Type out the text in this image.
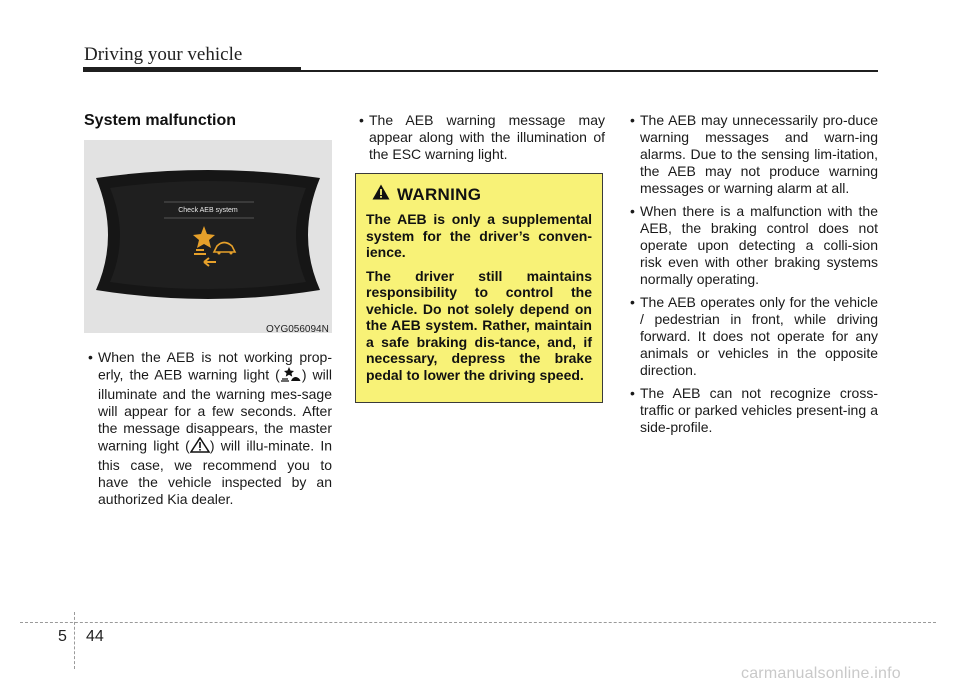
Driving your vehicle
System malfunction
Check AEB system
OYG056094N
• When the AEB is not working prop-erly, the AEB warning light ( ) will illuminate and the warning mes-sage will appear for a few seconds. After the message disappears, the master warning light ( ) will illu-minate. In this case, we recommend you to have the vehicle inspected by an authorized Kia dealer.
• The AEB warning message may appear along with the illumination of the ESC warning light.
WARNING

The AEB is only a supplemental system for the driver’s conven-ience.

The driver still maintains responsibility to control the vehicle. Do not solely depend on the AEB system. Rather, maintain a safe braking dis-tance, and, if necessary, depress the brake pedal to lower the driving speed.

• The AEB may unnecessarily pro-duce warning messages and warn-ing alarms. Due to the sensing lim-itation, the AEB may not produce warning messages or warning alarm at all.
• When there is a malfunction with the AEB, the braking control does not operate upon detecting a colli-sion risk even with other braking systems normally operating.
• The AEB operates only for the vehicle / pedestrian in front, while driving forward. It does not operate for any animals or vehicles in the opposite direction.
• The AEB can not recognize cross-traffic or parked vehicles present-ing a side-profile.
5 44
carmanualsonline.info
